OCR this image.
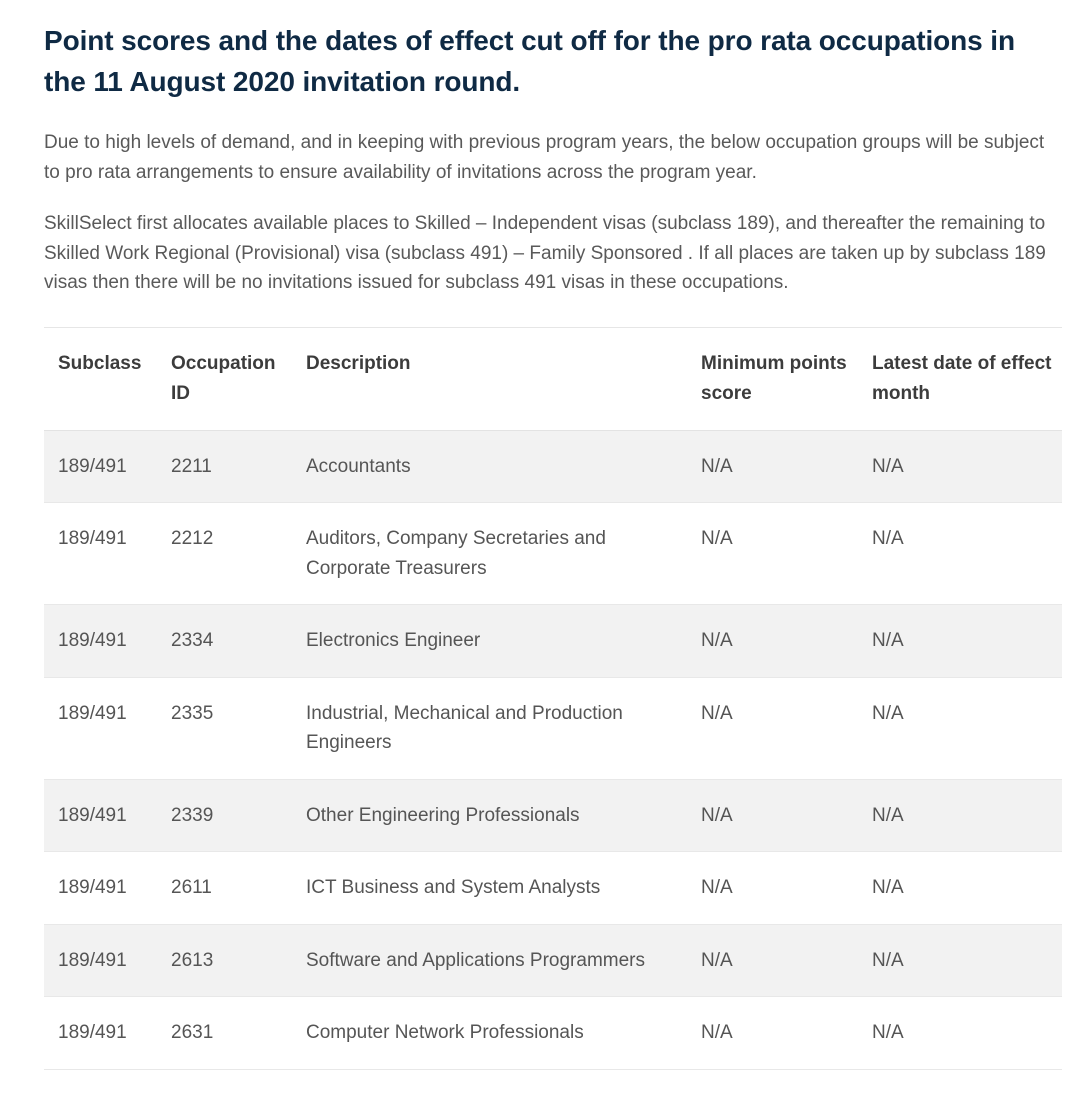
Point scores and the dates of effect cut off for the pro rata occupations in the 11 August 2020 invitation round.

Due to high levels of demand, and in keeping with previous program years, the below occupation groups will be subject to pro rata arrangements to ensure availability of invitations across the program year.

SkillSelect first allocates available places to Skilled – Independent visas (subclass 189), and thereafter the remaining to Skilled Work Regional (Provisional) visa (subclass 491) – Family Sponsored . If all places are taken up by subclass 189 visas then there will be no invitations issued for subclass 491 visas in these occupations.

Subclass	Occupation ID	Description	Minimum points score	Latest date of effect month
189/491	2211	Accountants	N/A	N/A
189/491	2212	Auditors, Company Secretaries and Corporate Treasurers	N/A	N/A
189/491	2334	Electronics Engineer	N/A	N/A
189/491	2335	Industrial, Mechanical and Production Engineers	N/A	N/A
189/491	2339	Other Engineering Professionals	N/A	N/A
189/491	2611	ICT Business and System Analysts	N/A	N/A
189/491	2613	Software and Applications Programmers	N/A	N/A
189/491	2631	Computer Network Professionals	N/A	N/A
